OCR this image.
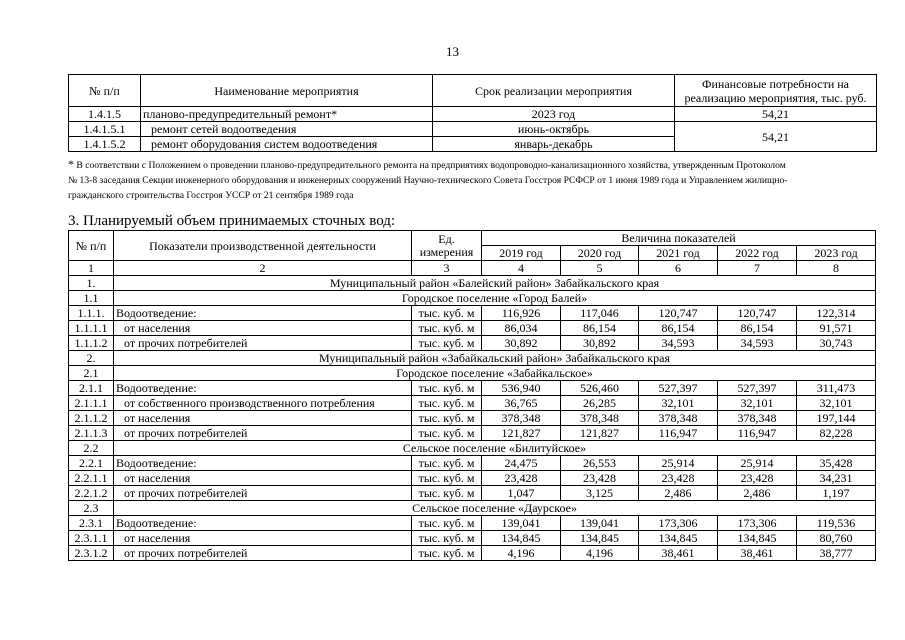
13
№ п/п	Наименование мероприятия	Срок реализации мероприятия	Финансовые потребности на
реализацию мероприятия, тыс. руб.
1.4.1.5	планово-предупредительный ремонт*	2023 год	54,21
1.4.1.5.1	ремонт сетей водоотведения	июнь-октябрь	54,21
1.4.1.5.2	ремонт оборудования систем водоотведения	январь-декабрь	
* В соответствии с Положением о проведении планово-предупредительного ремонта на предприятиях водопроводно-канализационного хозяйства, утвержденным Протоколом
№ 13-8 заседания Секции инженерного оборудования и инженерных сооружений Научно-технического Совета Госстроя РСФСР от 1 июня 1989 года и Управлением жилищно-
гражданского строительства Госстроя УССР от 21 сентября 1989 года
3. Планируемый объем принимаемых сточных вод:
№ п/п	Показатели производственной деятельности	Ед.
измерения	Величина показателей				
			2019 год	2020 год	2021 год	2022 год	2023 год
1	2	3	4	5	6	7	8
1.	Муниципальный район «Балейский район» Забайкальского края						
1.1	Городское поселение «Город Балей»						
1.1.1.	Водоотведение:	тыс. куб. м	116,926	117,046	120,747	120,747	122,314
1.1.1.1	от населения	тыс. куб. м	86,034	86,154	86,154	86,154	91,571
1.1.1.2	от прочих потребителей	тыс. куб. м	30,892	30,892	34,593	34,593	30,743
2.	Муниципальный район «Забайкальский район» Забайкальского края						
2.1	Городское поселение «Забайкальское»						
2.1.1	Водоотведение:	тыс. куб. м	536,940	526,460	527,397	527,397	311,473
2.1.1.1	от собственного производственного потребления	тыс. куб. м	36,765	26,285	32,101	32,101	32,101
2.1.1.2	от населения	тыс. куб. м	378,348	378,348	378,348	378,348	197,144
2.1.1.3	от прочих потребителей	тыс. куб. м	121,827	121,827	116,947	116,947	82,228
2.2	Сельское поселение «Билитуйское»						
2.2.1	Водоотведение:	тыс. куб. м	24,475	26,553	25,914	25,914	35,428
2.2.1.1	от населения	тыс. куб. м	23,428	23,428	23,428	23,428	34,231
2.2.1.2	от прочих потребителей	тыс. куб. м	1,047	3,125	2,486	2,486	1,197
2.3	Сельское поселение «Даурское»						
2.3.1	Водоотведение:	тыс. куб. м	139,041	139,041	173,306	173,306	119,536
2.3.1.1	от населения	тыс. куб. м	134,845	134,845	134,845	134,845	80,760
2.3.1.2	от прочих потребителей	тыс. куб. м	4,196	4,196	38,461	38,461	38,777
